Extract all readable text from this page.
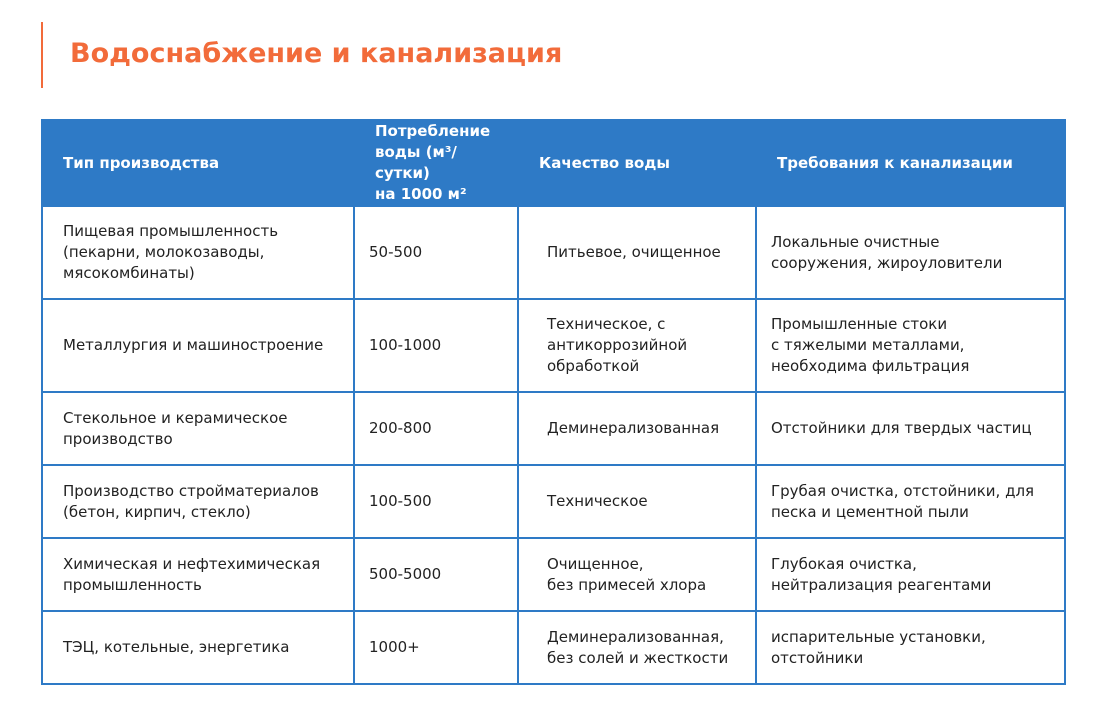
Водоснабжение и канализация
Тип производства	Потребление
воды (м³/сутки)
на 1000 м²	Качество воды	Требования к канализации

Пищевая промышленность
(пекарни, молокозаводы,
мясокомбинаты)	50-500	Питьевое, очищенное	Локальные очистные
сооружения, жироуловители

Металлургия и машиностроение	100-1000	Техническое, с
антикоррозийной
обработкой	Промышленные стоки
с тяжелыми металлами,
необходима фильтрация

Стекольное и керамическое
производство	200-800	Деминерализованная	Отстойники для твердых частиц

Производство стройматериалов
(бетон, кирпич, стекло)	100-500	Техническое	Грубая очистка, отстойники, для
песка и цементной пыли

Химическая и нефтехимическая
промышленность	500-5000	Очищенное,
без примесей хлора	Глубокая очистка,
нейтрализация реагентами

ТЭЦ, котельные, энергетика	1000+	Деминерализованная,
без солей и жесткости	испарительные установки,
отстойники
